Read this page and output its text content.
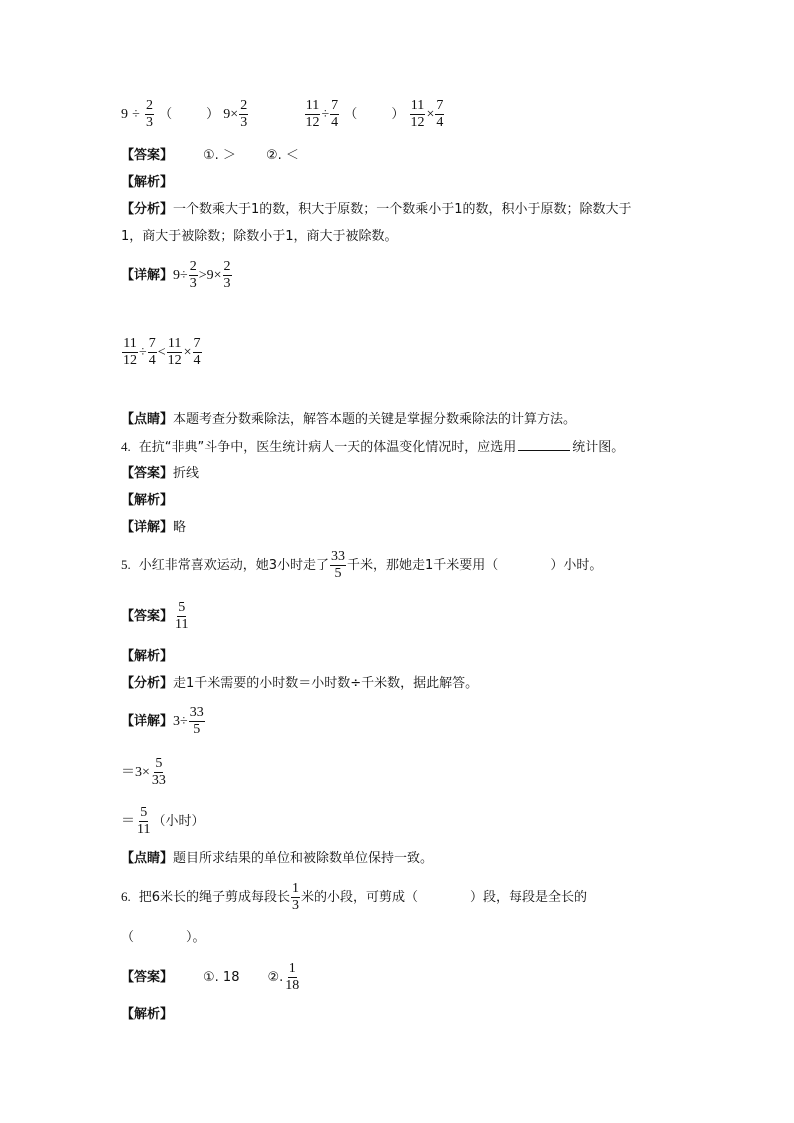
$9 \div \frac{2}{3}$ （	） $9\times \frac{2}{3}$
	$\frac{11}{12} \div \frac{7}{4}$ （	） $\frac{11}{12} \times \frac{7}{4}$
【答案】 ①. ＞ ②. ＜
【解析】
【分析】一个数乘大于1的数，积大于原数；一个数乘小于1的数，积小于原数；除数大于
1，商大于被除数；除数小于1，商大于被除数。
【详解】$9\div \frac{2}{3} >9\times \frac{2}{3}$
$\frac{11}{12} \div \frac{7}{4} < \frac{11}{12} \times \frac{7}{4}$
【点睛】本题考查分数乘除法，解答本题的关键是掌握分数乘除法的计算方法。
4. 在抗“非典”斗争中，医生统计病人一天的体温变化情况时，应选用	统计图。
【答案】折线
【解析】
【详解】略
5. 小红非常喜欢运动，她3小时走了 $\frac{33}{5}$ 千米，那她走1千米要用（	）小时。
【答案】 $\frac{5}{11}$
【解析】
【分析】走1千米需要的小时数＝小时数÷千米数，据此解答。
【详解】$3\div \frac{33}{5}$
$=3\times \frac{5}{33}$
＝ $\frac{5}{11}$ （小时）
【点睛】题目所求结果的单位和被除数单位保持一致。
6. 把6米长的绳子剪成每段长 $\frac{1}{3}$ 米的小段，可剪成（	）段，每段是全长的
（　　　　）。
【答案】 ①. 18 ②. $\frac{1}{18}$
【解析】
